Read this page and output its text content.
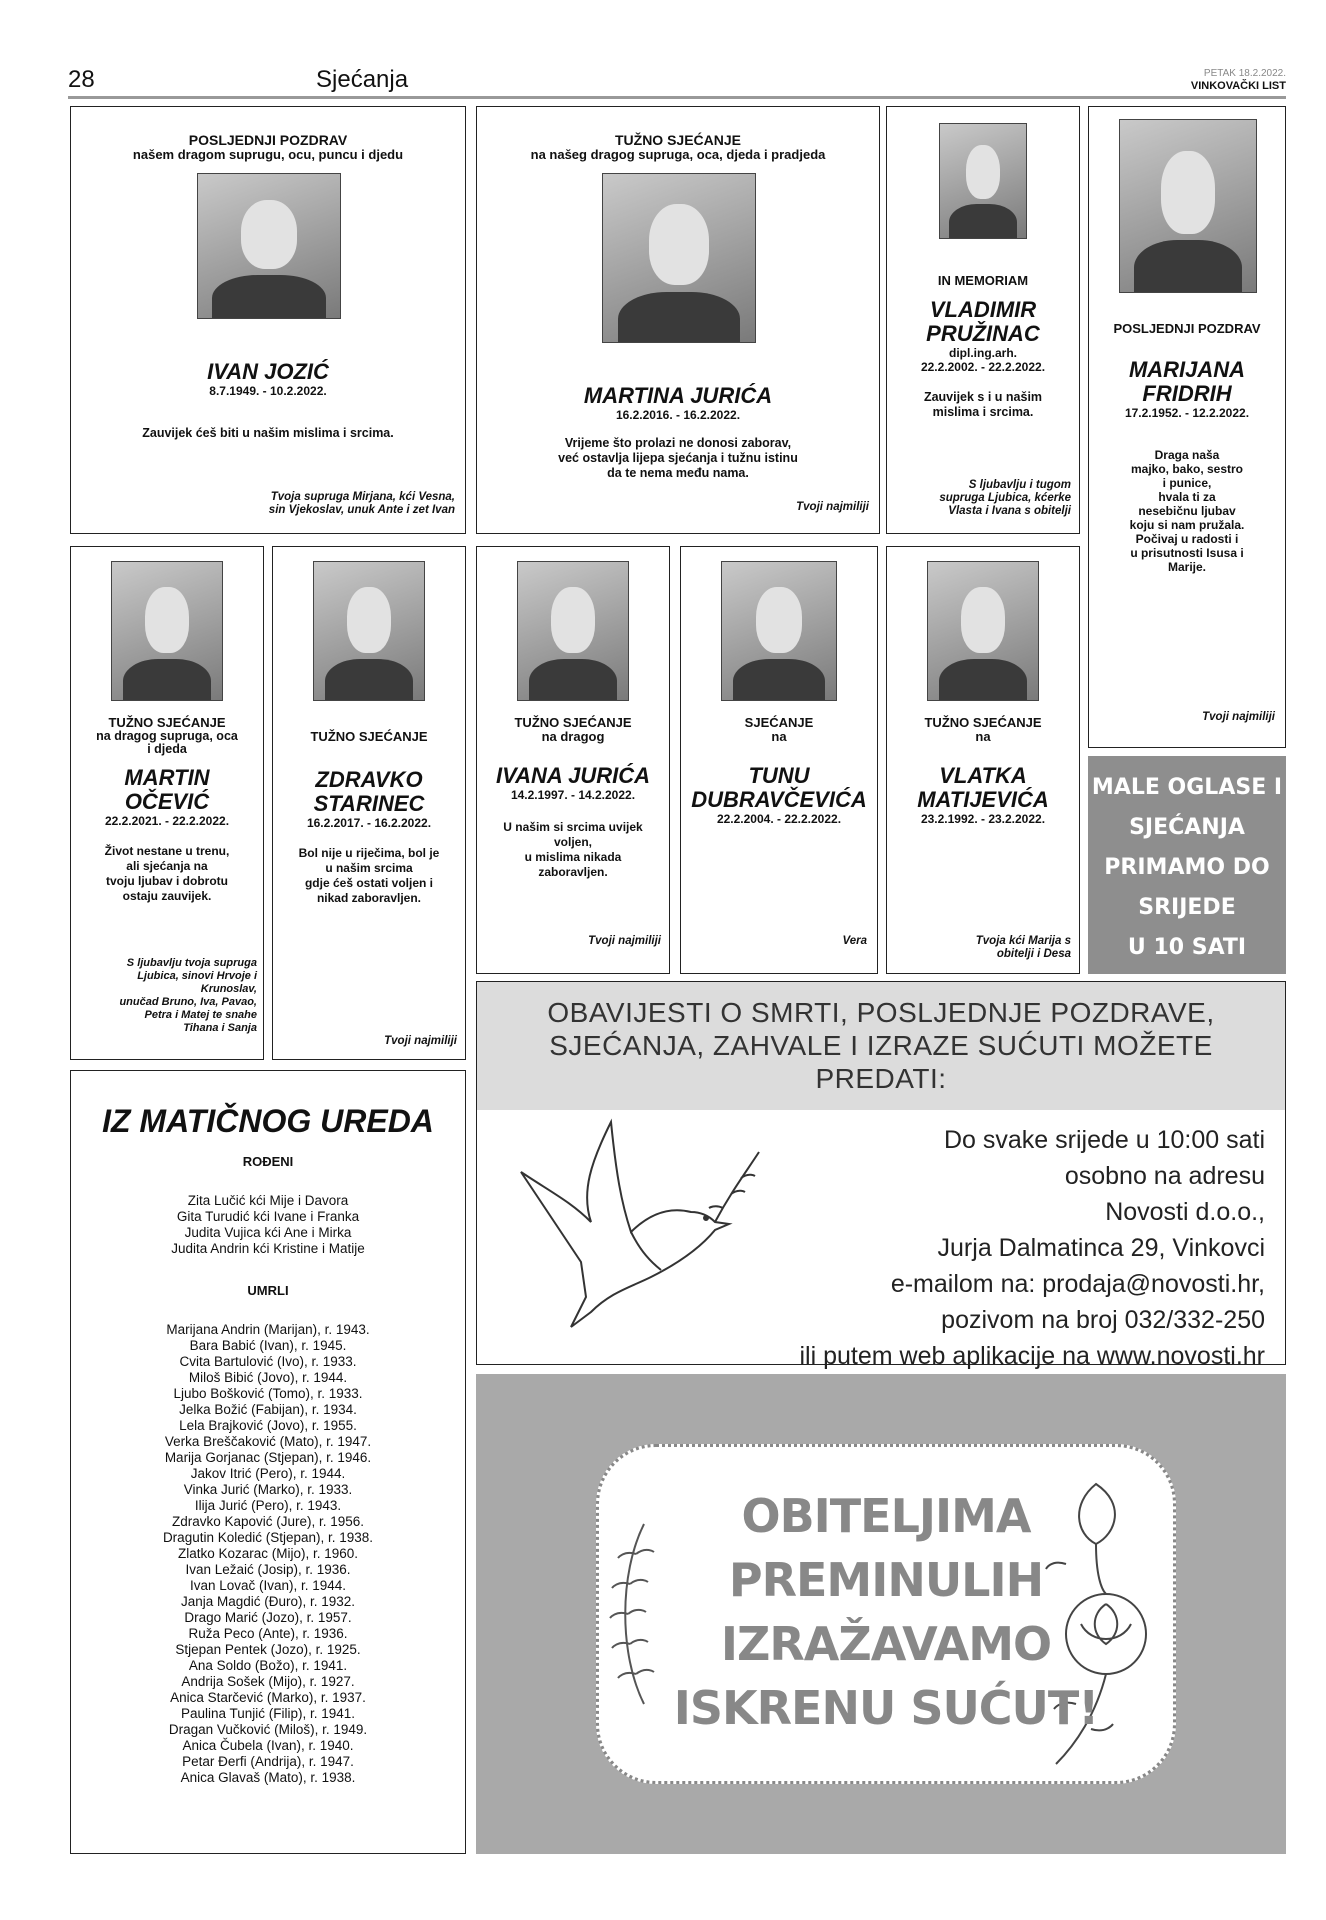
28	Sjećanja	PETAK 18.2.2022.
VINKOVAČKI LIST
POSLJEDNJI POZDRAV
našem dragom suprugu, ocu, puncu i djedu
IVAN JOZIĆ
8.7.1949. - 10.2.2022.
Zauvijek ćeš biti u našim mislima i srcima.
Tvoja supruga Mirjana, kći Vesna,
sin Vjekoslav, unuk Ante i zet Ivan
TUŽNO SJEĆANJE
na našeg dragog supruga, oca, djeda i pradjeda
MARTINA JURIĆA
16.2.2016. - 16.2.2022.
Vrijeme što prolazi ne donosi zaborav,
već ostavlja lijepa sjećanja i tužnu istinu
da te nema među nama.
Tvoji najmiliji
IN MEMORIAM
VLADIMIR
PRUŽINAC
dipl.ing.arh.
22.2.2002. - 22.2.2022.
Zauvijek s i u našim
mislima i srcima.
S ljubavlju i tugom
supruga Ljubica, kćerke
Vlasta i Ivana s obitelji
POSLJEDNJI POZDRAV
MARIJANA
FRIDRIH
17.2.1952. - 12.2.2022.
Draga naša
majko, bako, sestro
i punice,
hvala ti za
nesebičnu ljubav
koju si nam pružala.
Počivaj u radosti i
u prisutnosti Isusa i
Marije.
Tvoji najmiliji
TUŽNO SJEĆANJE
na dragog supruga, oca
i djeda
MARTIN
OČEVIĆ
22.2.2021. - 22.2.2022.
Život nestane u trenu,
ali sjećanja na
tvoju ljubav i dobrotu
ostaju zauvijek.
S ljubavlju tvoja supruga
Ljubica, sinovi Hrvoje i
Krunoslav,
unučad Bruno, Iva, Pavao,
Petra i Matej te snahe
Tihana i Sanja
TUŽNO SJEĆANJE
ZDRAVKO
STARINEC
16.2.2017. - 16.2.2022.
Bol nije u riječima, bol je
u našim srcima
gdje ćeš ostati voljen i
nikad zaboravljen.
Tvoji najmiliji
TUŽNO SJEĆANJE
na dragog
IVANA JURIĆA
14.2.1997. - 14.2.2022.
U našim si srcima uvijek
voljen,
u mislima nikada
zaboravljen.
Tvoji najmiliji
SJEĆANJE
na
TUNU
DUBRAVČEVIĆA
22.2.2004. - 22.2.2022.
Vera
TUŽNO SJEĆANJE
na
VLATKA
MATIJEVIĆA
23.2.1992. - 23.2.2022.
Tvoja kći Marija s
obitelji i Desa
MALE OGLASE I
SJEĆANJA
PRIMAMO DO
SRIJEDE
U 10 SATI
OBAVIJESTI O SMRTI, POSLJEDNJE POZDRAVE,
SJEĆANJA, ZAHVALE I IZRAZE SUĆUTI MOŽETE
PREDATI:
Do svake srijede u 10:00 sati
osobno na adresu
Novosti d.o.o.,
Jurja Dalmatinca 29, Vinkovci
e-mailom na: prodaja@novosti.hr,
pozivom na broj 032/332-250
ili putem web aplikacije na www.novosti.hr
OBITELJIMA
PREMINULIH
IZRAŽAVAMO
ISKRENU SUĆUT!
IZ MATIČNOG UREDA
ROĐENI
Zita Lučić kći Mije i Davora
Gita Turudić kći Ivane i Franka
Judita Vujica kći Ane i Mirka
Judita Andrin kći Kristine i Matije
UMRLI
Marijana Andrin (Marijan), r. 1943.
Bara Babić (Ivan), r. 1945.
Cvita Bartulović (Ivo), r. 1933.
Miloš Bibić (Jovo), r. 1944.
Ljubo Bošković (Tomo), r. 1933.
Jelka Božić (Fabijan), r. 1934.
Lela Brajković (Jovo), r. 1955.
Verka Breščaković (Mato), r. 1947.
Marija Gorjanac (Stjepan), r. 1946.
Jakov Itrić (Pero), r. 1944.
Vinka Jurić (Marko), r. 1933.
Ilija Jurić (Pero), r. 1943.
Zdravko Kapović (Jure), r. 1956.
Dragutin Koledić (Stjepan), r. 1938.
Zlatko Kozarac (Mijo), r. 1960.
Ivan Ležaić (Josip), r. 1936.
Ivan Lovač (Ivan), r. 1944.
Janja Magdić (Đuro), r. 1932.
Drago Marić (Jozo), r. 1957.
Ruža Peco (Ante), r. 1936.
Stjepan Pentek (Jozo), r. 1925.
Ana Soldo (Božo), r. 1941.
Andrija Sošek (Mijo), r. 1927.
Anica Starčević (Marko), r. 1937.
Paulina Tunjić (Filip), r. 1941.
Dragan Vučković (Miloš), r. 1949.
Anica Čubela (Ivan), r. 1940.
Petar Đerfi (Andrija), r. 1947.
Anica Glavaš (Mato), r. 1938.
